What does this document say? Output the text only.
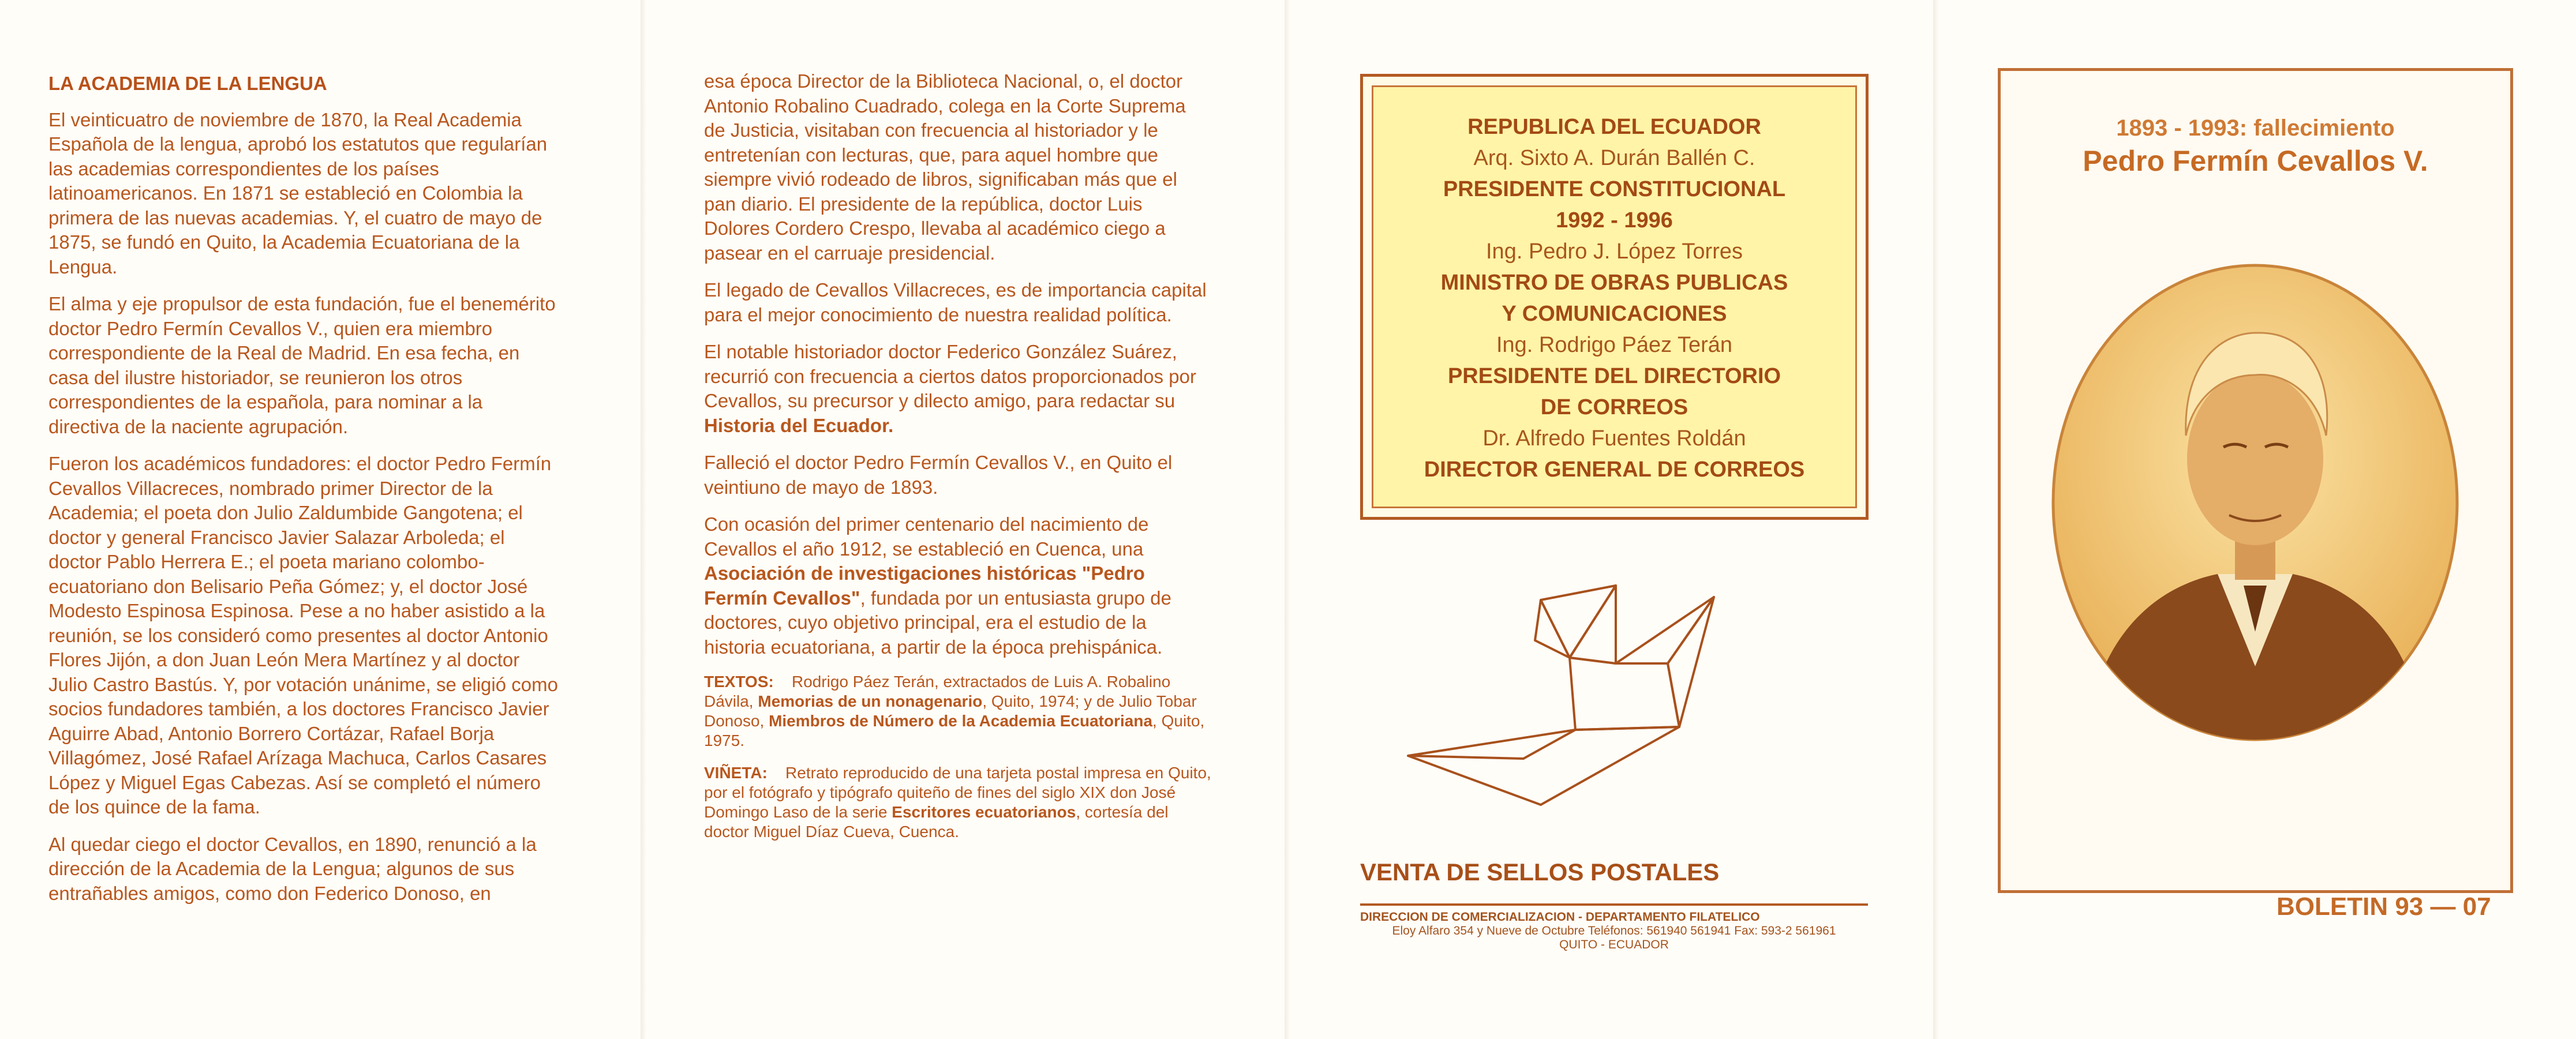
LA ACADEMIA DE LA LENGUA

El veinticuatro de noviembre de 1870, la Real Academia Española de la lengua, aprobó los estatutos que regularían las academias correspondientes de los países latinoamericanos. En 1871 se estableció en Colombia la primera de las nuevas academias. Y, el cuatro de mayo de 1875, se fundó en Quito, la Academia Ecuatoriana de la Lengua.

El alma y eje propulsor de esta fundación, fue el benemérito doctor Pedro Fermín Cevallos V., quien era miembro correspondiente de la Real de Madrid. En esa fecha, en casa del ilustre historiador, se reunieron los otros correspondientes de la española, para nominar a la directiva de la naciente agrupación.

Fueron los académicos fundadores: el doctor Pedro Fermín Cevallos Villacreces, nombrado primer Director de la Academia; el poeta don Julio Zaldumbide Gangotena; el doctor y general Francisco Javier Salazar Arboleda; el doctor Pablo Herrera E.; el poeta mariano colombo-ecuatoriano don Belisario Peña Gómez; y, el doctor José Modesto Espinosa Espinosa. Pese a no haber asistido a la reunión, se los consideró como presentes al doctor Antonio Flores Jijón, a don Juan León Mera Martínez y al doctor Julio Castro Bastús. Y, por votación unánime, se eligió como socios fundadores también, a los doctores Francisco Javier Aguirre Abad, Antonio Borrero Cortázar, Rafael Borja Villagómez, José Rafael Arízaga Machuca, Carlos Casares López y Miguel Egas Cabezas. Así se completó el número de los quince de la fama.

Al quedar ciego el doctor Cevallos, en 1890, renunció a la dirección de la Academia de la Lengua; algunos de sus entrañables amigos, como don Federico Donoso, en

esa época Director de la Biblioteca Nacional, o, el doctor Antonio Robalino Cuadrado, colega en la Corte Suprema de Justicia, visitaban con frecuencia al historiador y le entretenían con lecturas, que, para aquel hombre que siempre vivió rodeado de libros, significaban más que el pan diario. El presidente de la república, doctor Luis Dolores Cordero Crespo, llevaba al académico ciego a pasear en el carruaje presidencial.

El legado de Cevallos Villacreces, es de importancia capital para el mejor conocimiento de nuestra realidad política.

El notable historiador doctor Federico González Suárez, recurrió con frecuencia a ciertos datos proporcionados por Cevallos, su precursor y dilecto amigo, para redactar su Historia del Ecuador.

Falleció el doctor Pedro Fermín Cevallos V., en Quito el veintiuno de mayo de 1893.

Con ocasión del primer centenario del nacimiento de Cevallos el año 1912, se estableció en Cuenca, una Asociación de investigaciones históricas "Pedro Fermín Cevallos", fundada por un entusiasta grupo de doctores, cuyo objetivo principal, era el estudio de la historia ecuatoriana, a partir de la época prehispánica.

TEXTOS: Rodrigo Páez Terán, extractados de Luis A. Robalino Dávila, Memorias de un nonagenario, Quito, 1974; y de Julio Tobar Donoso, Miembros de Número de la Academia Ecuatoriana, Quito, 1975.

VIÑETA: Retrato reproducido de una tarjeta postal impresa en Quito, por el fotógrafo y tipógrafo quiteño de fines del siglo XIX don José Domingo Laso de la serie Escritores ecuatorianos, cortesía del doctor Miguel Díaz Cueva, Cuenca.

REPUBLICA DEL ECUADOR
Arq. Sixto A. Durán Ballén C.
PRESIDENTE CONSTITUCIONAL
1992 - 1996
Ing. Pedro J. López Torres
MINISTRO DE OBRAS PUBLICAS
Y COMUNICACIONES
Ing. Rodrigo Páez Terán
PRESIDENTE DEL DIRECTORIO
DE CORREOS
Dr. Alfredo Fuentes Roldán
DIRECTOR GENERAL DE CORREOS
VENTA DE SELLOS POSTALES
DIRECCION DE COMERCIALIZACION - DEPARTAMENTO FILATELICO
Eloy Alfaro 354 y Nueve de Octubre Teléfonos: 561940 561941 Fax: 593-2 561961
QUITO - ECUADOR
1893 - 1993: fallecimiento
Pedro Fermín Cevallos V.
BOLETIN 93 — 07
